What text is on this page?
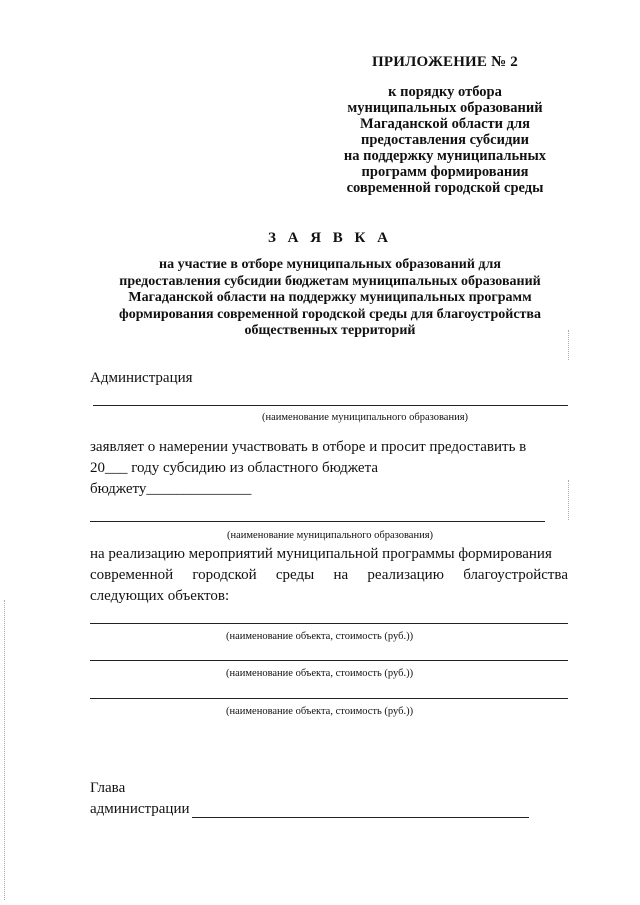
ПРИЛОЖЕНИЕ № 2
к порядку отбора
муниципальных образований
Магаданской области для
предоставления субсидии
на поддержку муниципальных
программ формирования
современной городской среды
З А Я В К А
на участие в отборе муниципальных образований для
предоставления субсидии бюджетам муниципальных образований
Магаданской области на поддержку муниципальных программ
формирования современной городской среды для благоустройства
общественных территорий
Администрация
(наименование муниципального образования)
заявляет о намерении участвовать в отборе и просит предоставить в
20___ году субсидию из областного бюджета
бюджету______________
(наименование муниципального образования)
на реализацию мероприятий муниципальной программы формирования
современной городской среды на реализацию благоустройства
следующих объектов:
(наименование объекта, стоимость (руб.))
(наименование объекта, стоимость (руб.))
(наименование объекта, стоимость (руб.))
Глава
администрации
